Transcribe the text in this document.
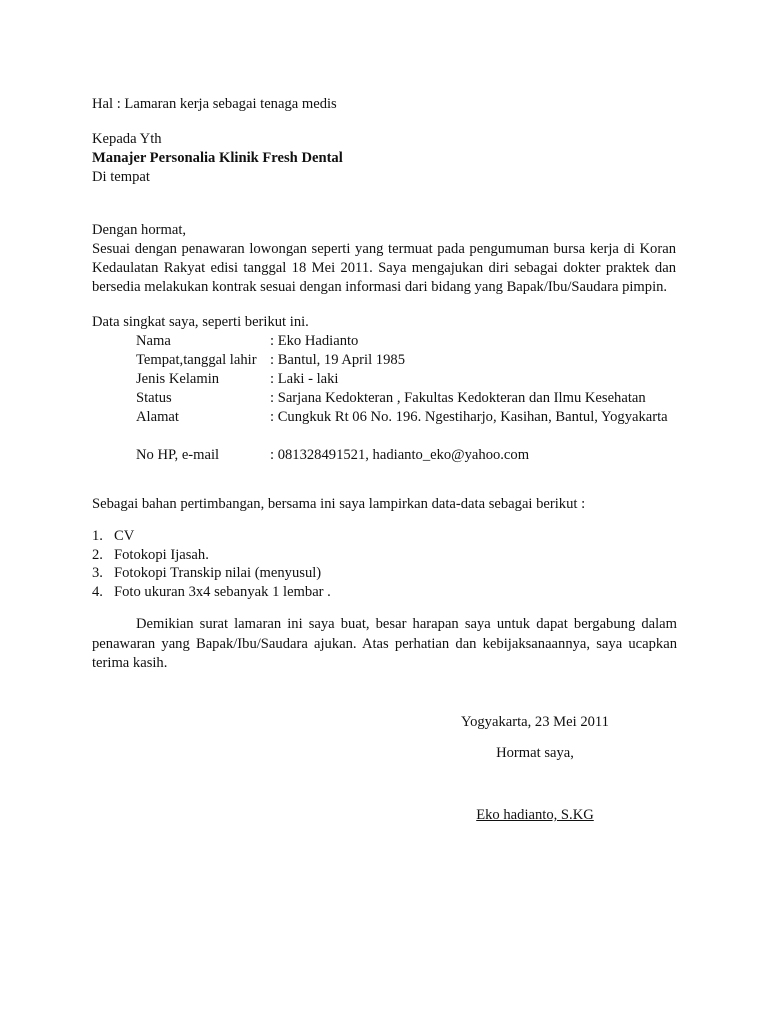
Hal : Lamaran kerja sebagai tenaga medis
Kepada Yth
Manajer Personalia Klinik Fresh Dental
Di tempat
Dengan hormat,
Sesuai dengan penawaran lowongan seperti yang termuat pada pengumuman bursa kerja di Koran Kedaulatan Rakyat edisi tanggal 18 Mei 2011. Saya mengajukan diri sebagai dokter praktek dan bersedia melakukan kontrak sesuai dengan informasi dari bidang yang Bapak/Ibu/Saudara pimpin.
Data singkat saya, seperti berikut ini.
Nama	: Eko Hadianto
Tempat,tanggal lahir : Bantul, 19 April 1985
Jenis Kelamin	: Laki - laki
Status	: Sarjana Kedokteran , Fakultas Kedokteran dan Ilmu Kesehatan
Alamat	: Cungkuk Rt 06 No. 196. Ngestiharjo, Kasihan, Bantul, Yogyakarta
No HP, e-mail	: 081328491521, hadianto_eko@yahoo.com
Sebagai bahan pertimbangan, bersama ini saya lampirkan data-data sebagai berikut :
1. CV
2. Fotokopi Ijasah.
3. Fotokopi Transkip nilai (menyusul)
4. Foto ukuran 3x4 sebanyak 1 lembar .
Demikian surat lamaran ini saya buat, besar harapan saya untuk dapat bergabung dalam penawaran yang Bapak/Ibu/Saudara ajukan. Atas perhatian dan kebijaksanaannya, saya ucapkan terima kasih.
Yogyakarta, 23 Mei 2011
Hormat saya,
Eko hadianto, S.KG
